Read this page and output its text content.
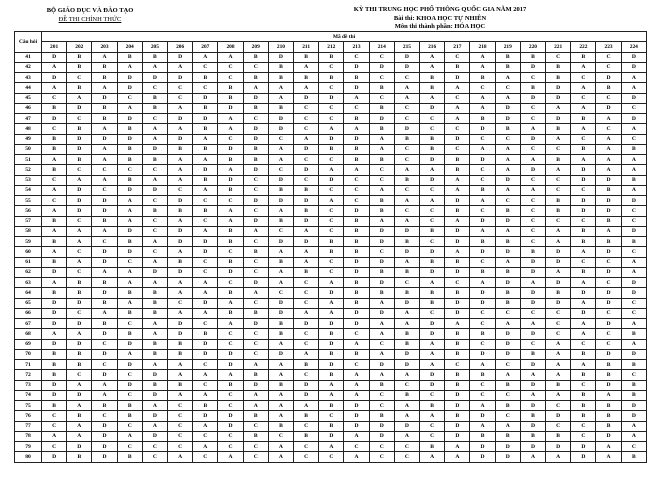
BỘ GIÁO DỤC VÀ ĐÀO TẠO
ĐỀ THI CHÍNH THỨC
KỲ THI TRUNG HỌC PHỔ THÔNG QUỐC GIA NĂM 2017
Bài thi: KHOA HỌC TỰ NHIÊN
Môn thi thành phần: HÓA HỌC
Câu hỏi	Mã đề thi																							
	201	202	203	204	205	206	207	208	209	210	211	212	213	214	215	216	217	218	219	220	221	222	223	224
41	D	B	A	B	B	D	A	A	B	D	B	B	C	C	D	A	C	A	B	B	C	B	C	D
42	A	B	B	A	A	A	C	C	C	B	A	C	D	D	D	A	B	A	B	D	B	A	C	D
43	D	C	B	D	D	D	B	C	B	B	B	B	B	C	C	B	D	B	A	C	B	C	D	A
44	A	B	A	D	C	C	C	B	A	A	A	C	D	B	A	B	A	C	C	B	D	A	B	A
45	C	A	D	C	B	C	D	B	D	A	D	D	A	C	A	A	C	A	A	D	D	C	C	D
46	B	D	B	A	B	A	B	D	B	B	C	C	C	B	C	D	A	A	D	C	A	A	D	C
47	D	C	B	D	C	D	D	A	C	D	C	C	B	D	C	C	A	B	D	C	D	B	A	D
48	C	B	A	B	A	A	B	A	D	D	C	A	A	B	D	C	C	D	B	A	B	A	C	A
49	B	D	D	D	A	D	A	C	D	C	A	D	D	A	B	B	D	C	C	D	A	C	A	C
50	B	D	A	B	D	B	B	D	B	A	D	B	B	A	C	B	C	A	A	C	C	B	A	B
51	A	B	A	B	B	A	A	B	B	A	C	C	B	B	C	D	B	D	A	A	B	A	A	A
52	B	C	C	C	C	A	D	A	D	C	D	A	A	C	A	A	B	C	A	D	A	D	A	A
53	C	A	A	B	A	A	B	D	C	D	C	D	C	C	B	D	A	C	D	C	C	D	D	B
54	A	D	C	D	D	C	A	B	C	B	B	C	C	A	C	C	A	B	A	A	C	C	B	A
55	C	D	D	A	C	D	C	C	D	D	D	A	C	B	A	A	D	A	C	C	B	D	D	D
56	A	D	D	A	B	B	B	A	C	A	B	C	D	B	C	C	B	C	B	C	B	D	D	C
57	B	C	B	A	C	A	C	A	D	B	D	C	B	A	A	C	A	D	D	C	C	C	B	C
58	A	A	A	D	C	D	A	B	A	C	A	C	B	D	D	B	D	A	A	C	A	B	A	D
59	B	A	C	B	A	D	D	B	C	D	D	B	B	D	B	C	D	B	B	C	A	B	B	B
60	A	C	D	D	C	A	D	C	B	A	A	B	B	C	D	D	A	D	D	B	D	A	D	C
61	B	A	D	C	A	B	C	B	C	B	A	C	D	D	A	B	B	C	A	D	D	C	C	A
62	D	C	A	A	D	D	C	D	C	A	B	C	D	B	B	D	D	B	B	D	A	B	D	A
63	A	B	B	A	A	A	A	C	D	A	C	A	B	D	C	A	C	A	D	A	D	A	C	D
64	B	B	D	B	B	A	A	B	A	C	C	D	B	B	B	B	B	D	B	D	B	D	D	D
65	D	D	B	A	B	C	D	A	C	D	C	A	B	A	D	B	D	D	B	D	D	A	D	C
66	D	C	A	B	B	A	A	B	B	D	A	A	D	D	A	C	D	C	C	C	C	D	C	C
67	D	D	B	C	A	D	C	A	D	B	D	D	D	A	A	D	A	C	A	A	C	A	D	A
68	A	A	D	B	A	D	B	C	C	B	C	B	C	A	B	D	B	B	D	D	C	A	C	B
69	D	D	C	D	B	B	D	C	C	A	C	D	A	C	B	A	B	C	D	C	A	C	C	A
70	B	B	D	A	B	B	D	D	C	D	A	B	B	A	D	A	B	D	D	B	A	B	D	D
71	B	B	C	D	A	A	C	D	A	A	B	D	C	D	D	A	C	A	C	D	A	A	B	B
72	B	C	D	C	D	A	A	A	B	A	C	B	A	A	A	D	B	B	A	A	A	B	B	C
73	D	A	A	D	B	B	C	B	D	B	D	A	A	B	C	D	B	C	B	D	B	C	D	B
74	D	D	A	C	D	A	A	C	A	A	D	A	A	C	B	C	D	C	C	A	A	B	A	B
75	B	A	B	B	A	C	B	C	A	A	A	B	D	C	A	B	D	A	B	D	C	B	B	D
76	C	B	C	B	D	C	D	D	B	A	B	C	D	B	A	A	B	D	C	B	D	B	B	D
77	C	A	D	C	A	C	A	D	C	B	C	B	D	D	D	C	D	A	A	D	C	C	B	A
78	A	A	D	A	D	C	C	C	B	C	B	D	A	D	A	C	D	B	B	B	B	C	D	A
79	C	D	D	C	C	C	A	C	C	A	C	A	C	C	C	B	A	D	D	D	D	D	A	C
80	D	B	D	B	C	A	C	A	C	A	C	C	A	C	C	A	A	D	D	A	A	D	A	B
